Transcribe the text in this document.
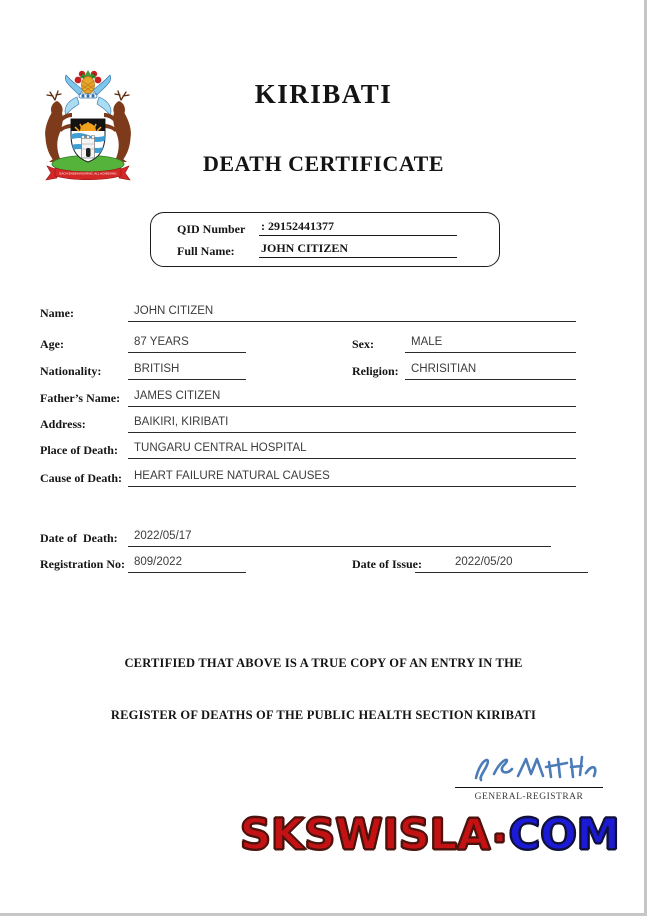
EACH ENDEAVOURING, ALL ACHIEVING
KIRIBATI
DEATH CERTIFICATE
QID Number : 29152441377
Full Name: JOHN CITIZEN
Name:	JOHN CITIZEN
Age:	87 YEARS	Sex:	MALE
Nationality:	BRITISH	Religion:	CHRISITIAN
Father’s Name:	JAMES CITIZEN
Address:	BAIKIRI, KIRIBATI
Place of Death:	TUNGARU CENTRAL HOSPITAL
Cause of Death:	HEART FAILURE NATURAL CAUSES
Date of  Death:	2022/05/17
Registration No: 809/2022	Date of Issue:	2022/05/20
CERTIFIED THAT ABOVE IS A TRUE COPY OF AN ENTRY IN THE
REGISTER OF DEATHS OF THE PUBLIC HEALTH SECTION KIRIBATI
GENERAL-REGISTRAR
SKSWISLA.COM
